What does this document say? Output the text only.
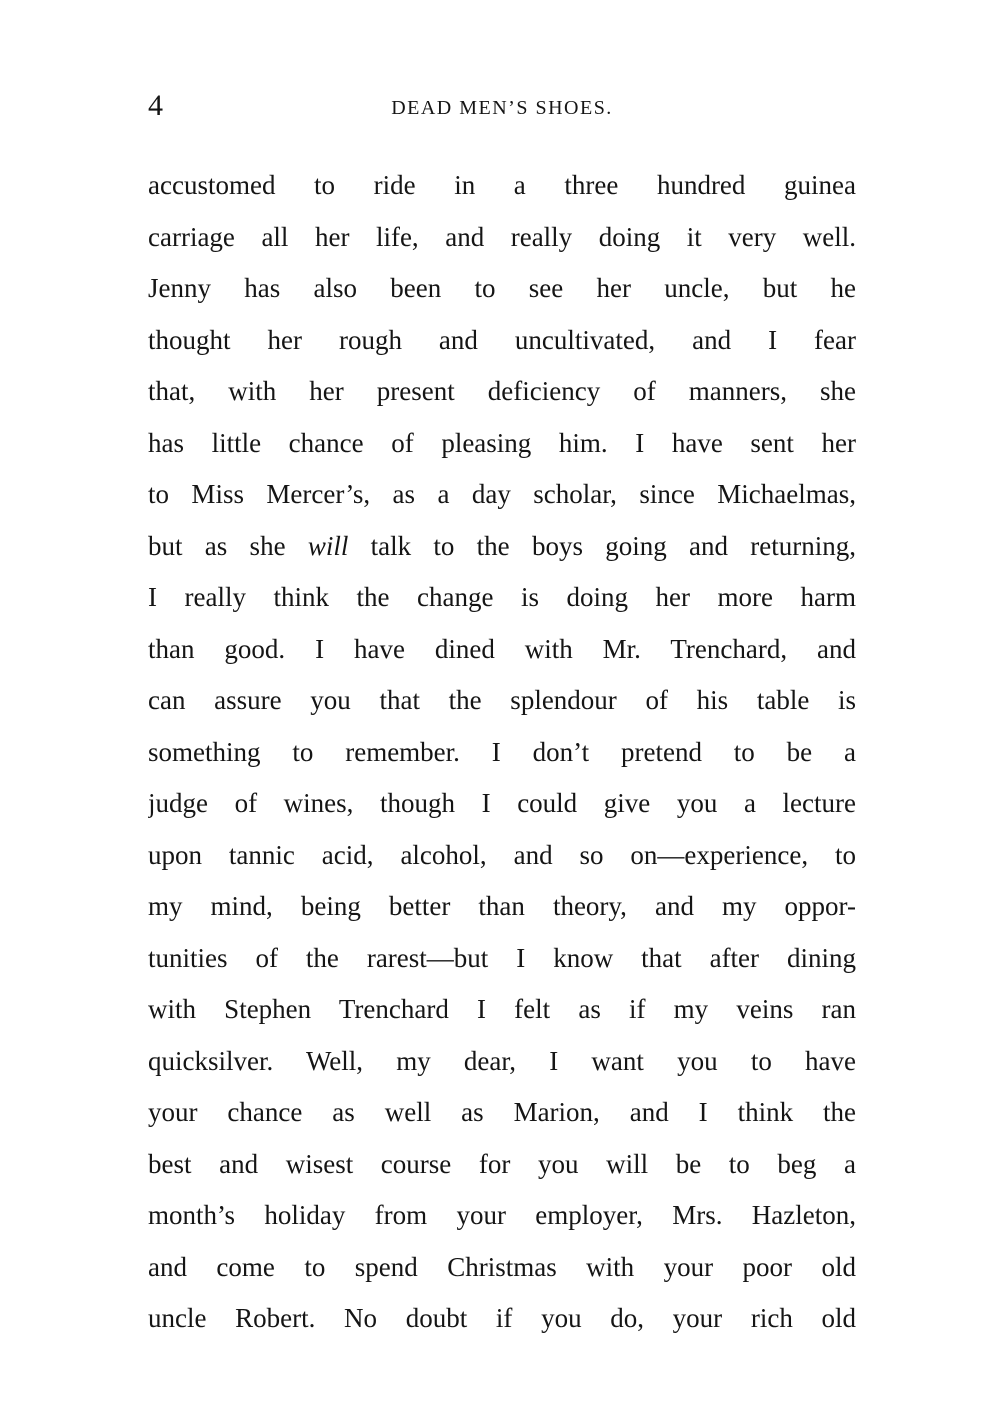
4	DEAD MEN’S SHOES.
accustomed to ride in a three hundred guinea
carriage all her life, and really doing it very well.
Jenny has also been to see her uncle, but he
thought her rough and uncultivated, and I fear
that, with her present deficiency of manners, she
has little chance of pleasing him. I have sent her
to Miss Mercer’s, as a day scholar, since Michaelmas,
but as she will talk to the boys going and returning,
I really think the change is doing her more harm
than good. I have dined with Mr. Trenchard, and
can assure you that the splendour of his table is
something to remember. I don’t pretend to be a
judge of wines, though I could give you a lecture
upon tannic acid, alcohol, and so on—experience, to
my mind, being better than theory, and my oppor-
tunities of the rarest—but I know that after dining
with Stephen Trenchard I felt as if my veins ran
quicksilver. Well, my dear, I want you to have
your chance as well as Marion, and I think the
best and wisest course for you will be to beg a
month’s holiday from your employer, Mrs. Hazleton,
and come to spend Christmas with your poor old
uncle Robert. No doubt if you do, your rich old
